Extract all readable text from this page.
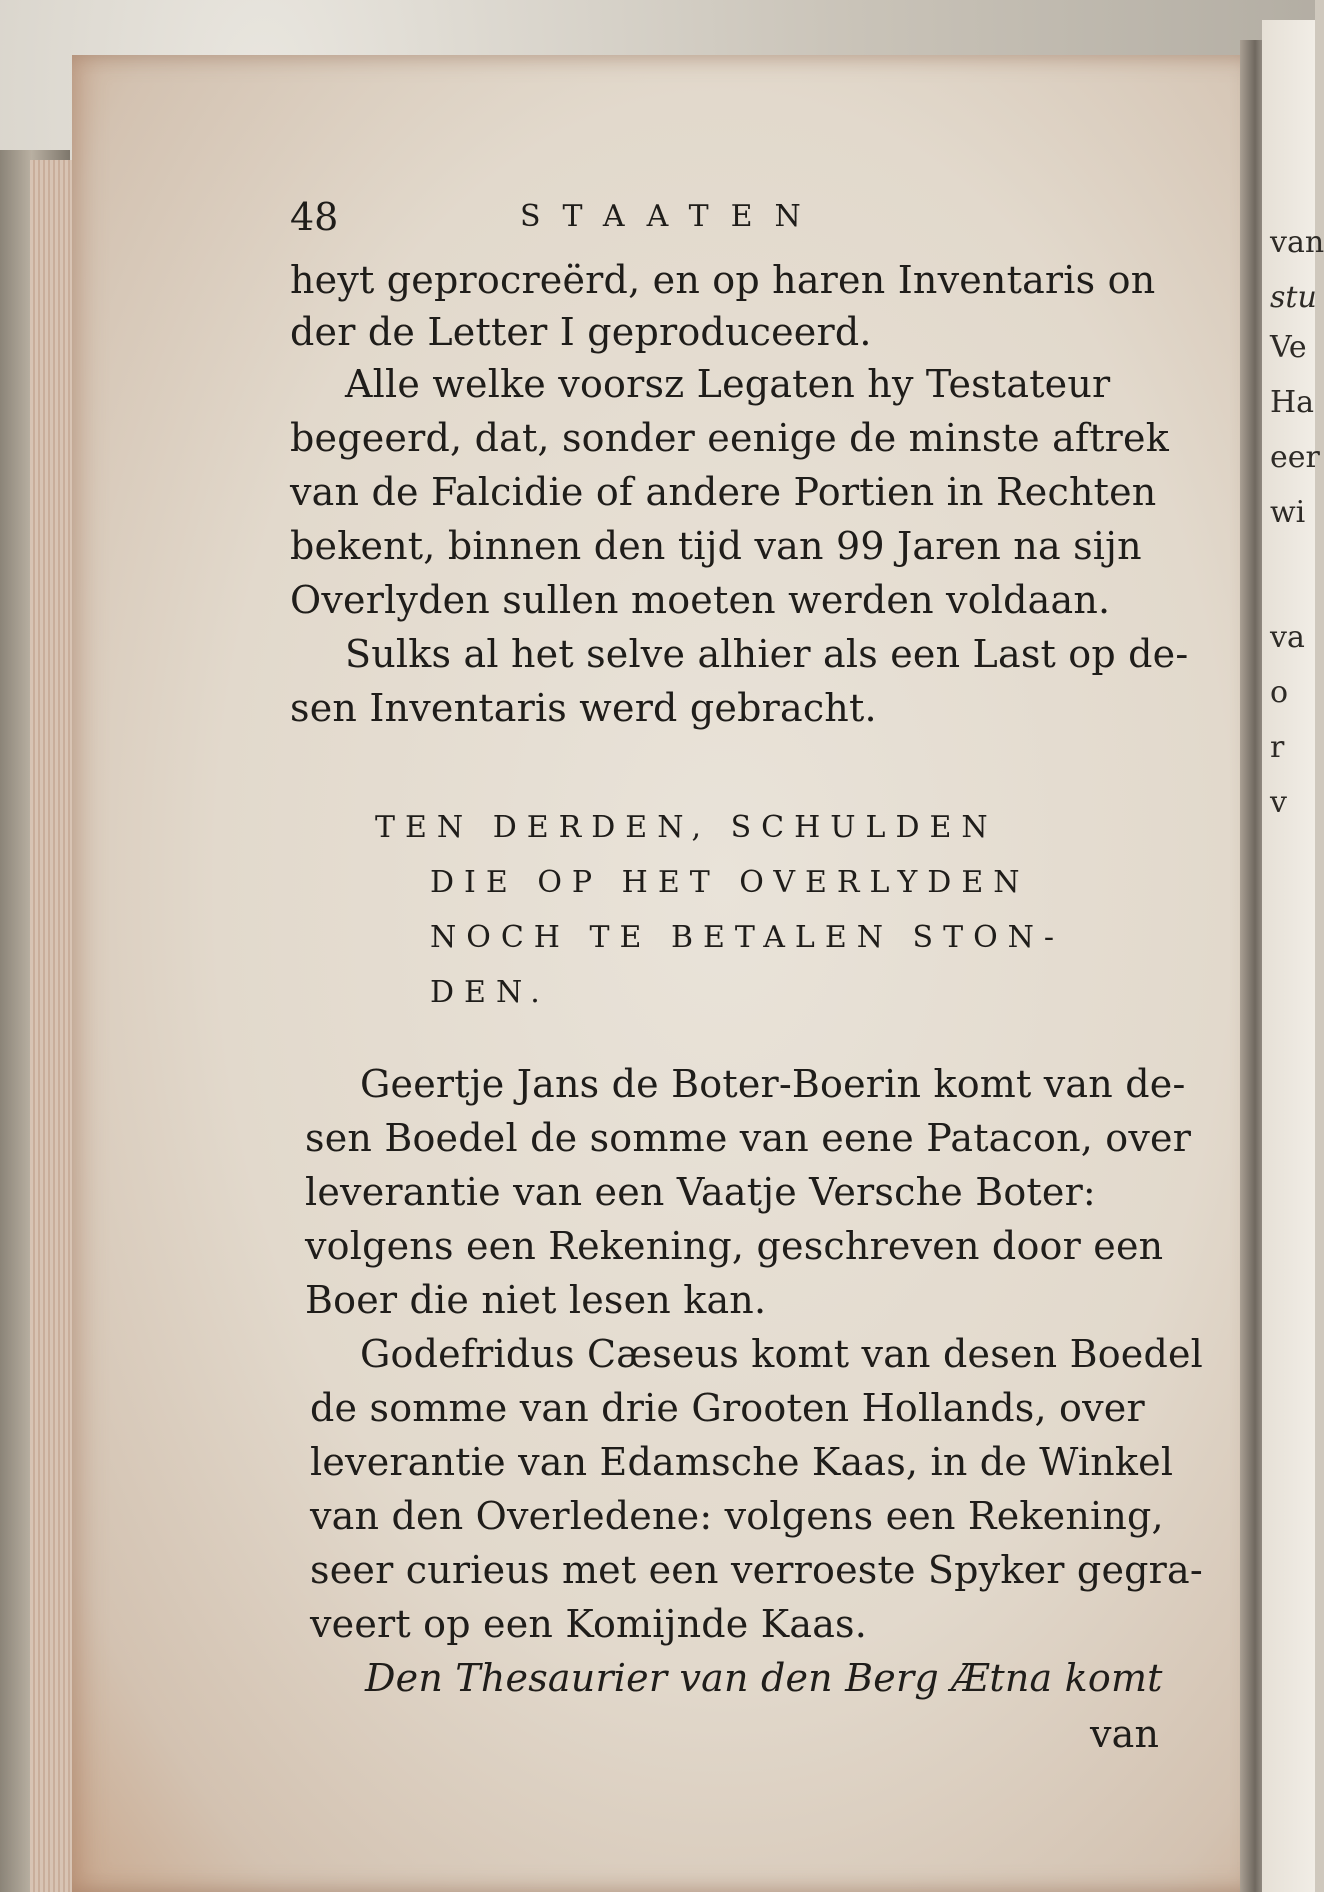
van
stu
Ve
Ha
eer
wi
va
o
r
v
48	STAATEN
heyt geprocreërd, en op haren Inventaris on
der de Letter I geproduceerd.
Alle welke voorsz Legaten hy Testateur
begeerd, dat, sonder eenige de minste aftrek
van de Falcidie of andere Portien in Rechten
bekent, binnen den tijd van 99 Jaren na sijn
Overlyden sullen moeten werden voldaan.
Sulks al het selve alhier als een Last op de-
sen Inventaris werd gebracht.
TEN DERDEN, SCHULDEN
DIE OP HET OVERLYDEN
NOCH TE BETALEN STON-
DEN.
Geertje Jans de Boter-Boerin komt van de-
sen Boedel de somme van eene Patacon, over
leverantie van een Vaatje Versche Boter:
volgens een Rekening, geschreven door een
Boer die niet lesen kan.
Godefridus Cæseus komt van desen Boedel
de somme van drie Grooten Hollands, over
leverantie van Edamsche Kaas, in de Winkel
van den Overledene: volgens een Rekening,
seer curieus met een verroeste Spyker gegra-
veert op een Komijnde Kaas.
Den Thesaurier van den Berg Ætna komt
van
